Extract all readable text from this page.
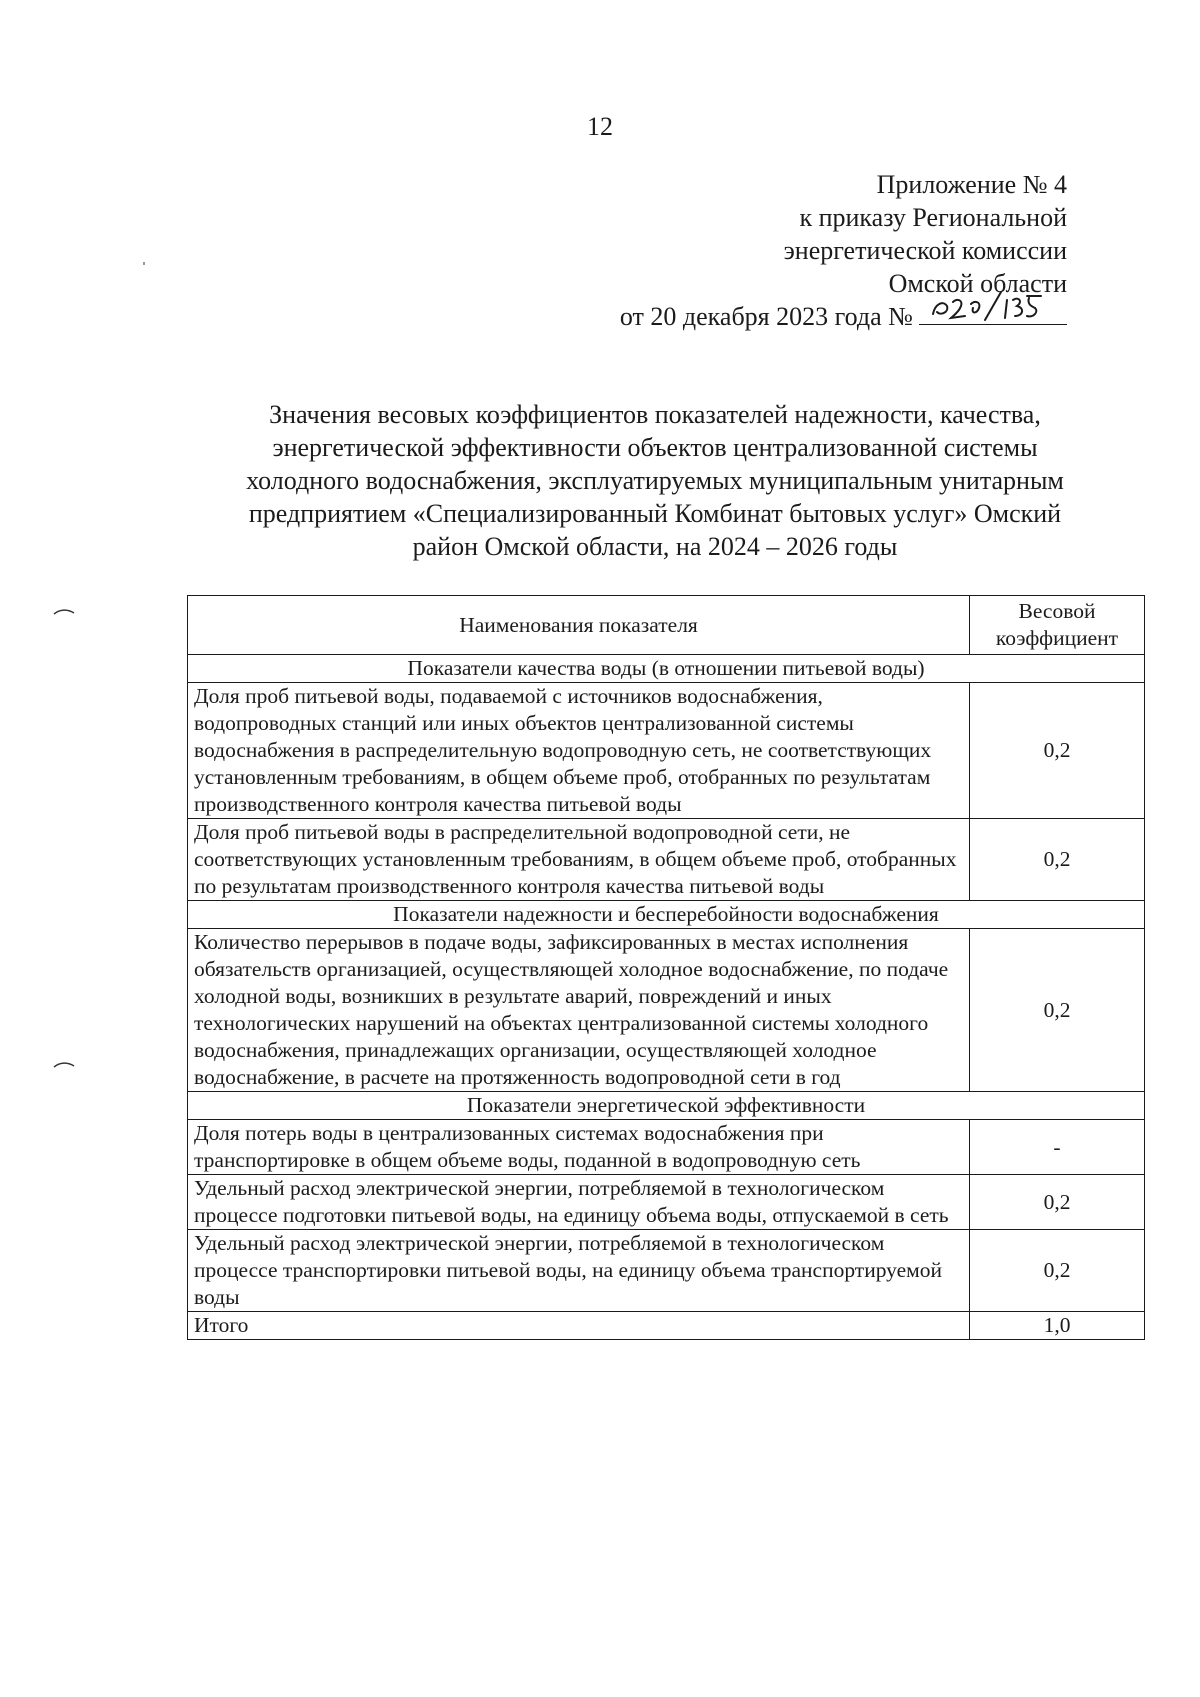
12
Приложение № 4
к приказу Региональной
энергетической комиссии
Омской области
от 20 декабря 2023 года №
Значения весовых коэффициентов показателей надежности, качества,
энергетической эффективности объектов централизованной системы
холодного водоснабжения, эксплуатируемых муниципальным унитарным
предприятием «Специализированный Комбинат бытовых услуг» Омский
район Омской области, на 2024 – 2026 годы
Наименования показателя	Весовой
коэффициент

Показатели качества воды (в отношении питьевой воды)	
Доля проб питьевой воды, подаваемой с источников водоснабжения, водопроводных станций или иных объектов централизованной системы водоснабжения в распределительную водопроводную сеть, не соответствующих установленным требованиям, в общем объеме проб, отобранных по результатам производственного контроля качества питьевой воды	0,2
Доля проб питьевой воды в распределительной водопроводной сети, не соответствующих установленным требованиям, в общем объеме проб, отобранных по результатам производственного контроля качества питьевой воды	0,2
Показатели надежности и бесперебойности водоснабжения	
Количество перерывов в подаче воды, зафиксированных в местах исполнения обязательств организацией, осуществляющей холодное водоснабжение, по подаче холодной воды, возникших в результате аварий, повреждений и иных технологических нарушений на объектах централизованной системы холодного водоснабжения, принадлежащих организации, осуществляющей холодное водоснабжение, в расчете на протяженность водопроводной сети в год	0,2
Показатели энергетической эффективности	
Доля потерь воды в централизованных системах водоснабжения при транспортировке в общем объеме воды, поданной в водопроводную сеть	-
Удельный расход электрической энергии, потребляемой в технологическом процессе подготовки питьевой воды, на единицу объема воды, отпускаемой в сеть	0,2
Удельный расход электрической энергии, потребляемой в технологическом процессе транспортировки питьевой воды, на единицу объема транспортируемой воды	0,2
Итого	1,0
